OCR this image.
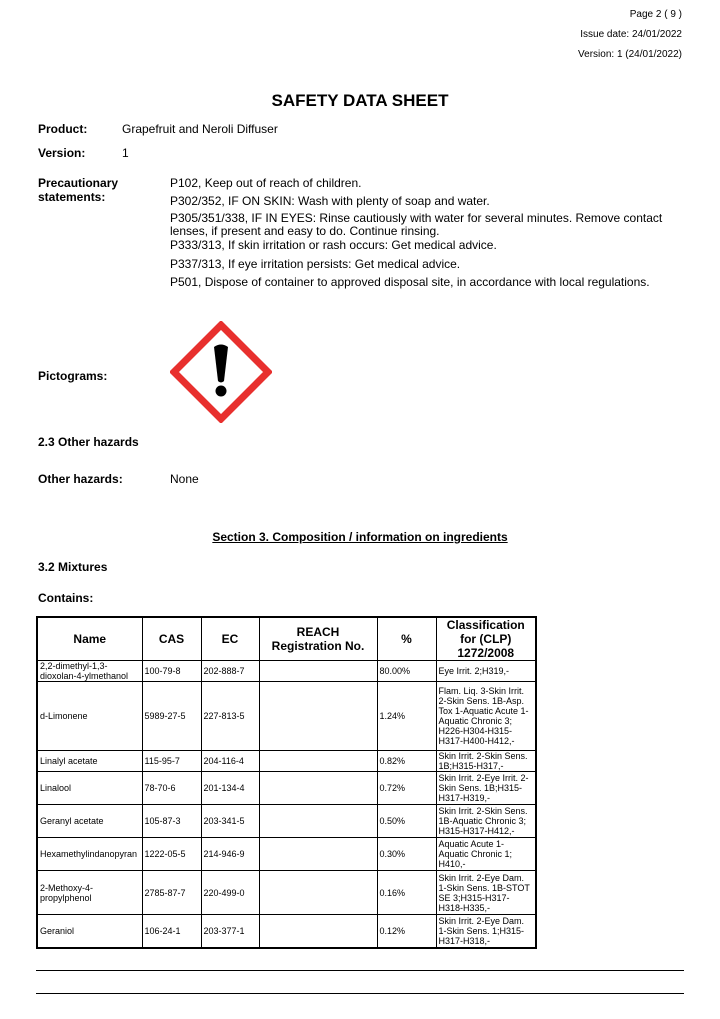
Page 2 ( 9 )
Issue date: 24/01/2022
Version: 1 (24/01/2022)
SAFETY DATA SHEET
Product:	Grapefruit and Neroli Diffuser
Version:	1
Precautionary
statements:
P102, Keep out of reach of children.
P302/352, IF ON SKIN: Wash with plenty of soap and water.
P305/351/338, IF IN EYES: Rinse cautiously with water for several minutes. Remove contact lenses, if present and easy to do. Continue rinsing.
P333/313, If skin irritation or rash occurs: Get medical advice.
P337/313, If eye irritation persists: Get medical advice.
P501, Dispose of container to approved disposal site, in accordance with local regulations.
Pictograms:
2.3 Other hazards
Other hazards:	None
Section 3. Composition / information on ingredients
3.2 Mixtures
Contains:
Name	CAS	EC	REACH Registration No.	%	Classification for (CLP) 1272/2008
2,2-dimethyl-1,3-dioxolan-4-ylmethanol	100-79-8	202-888-7		80.00%	Eye Irrit. 2;H319,-
d-Limonene	5989-27-5	227-813-5		1.24%	Flam. Liq. 3-Skin Irrit. 2-Skin Sens. 1B-Asp. Tox 1-Aquatic Acute 1-Aquatic Chronic 3; H226-H304-H315-H317-H400-H412,-
Linalyl acetate	115-95-7	204-116-4		0.82%	Skin Irrit. 2-Skin Sens. 1B;H315-H317,-
Linalool	78-70-6	201-134-4		0.72%	Skin Irrit. 2-Eye Irrit. 2-Skin Sens. 1B;H315-H317-H319,-
Geranyl acetate	105-87-3	203-341-5		0.50%	Skin Irrit. 2-Skin Sens. 1B-Aquatic Chronic 3; H315-H317-H412,-
Hexamethylindanopyran	1222-05-5	214-946-9		0.30%	Aquatic Acute 1-Aquatic Chronic 1; H410,-
2-Methoxy-4-propylphenol	2785-87-7	220-499-0		0.16%	Skin Irrit. 2-Eye Dam. 1-Skin Sens. 1B-STOT SE 3;H315-H317-H318-H335,-
Geraniol	106-24-1	203-377-1		0.12%	Skin Irrit. 2-Eye Dam. 1-Skin Sens. 1;H315-H317-H318,-
